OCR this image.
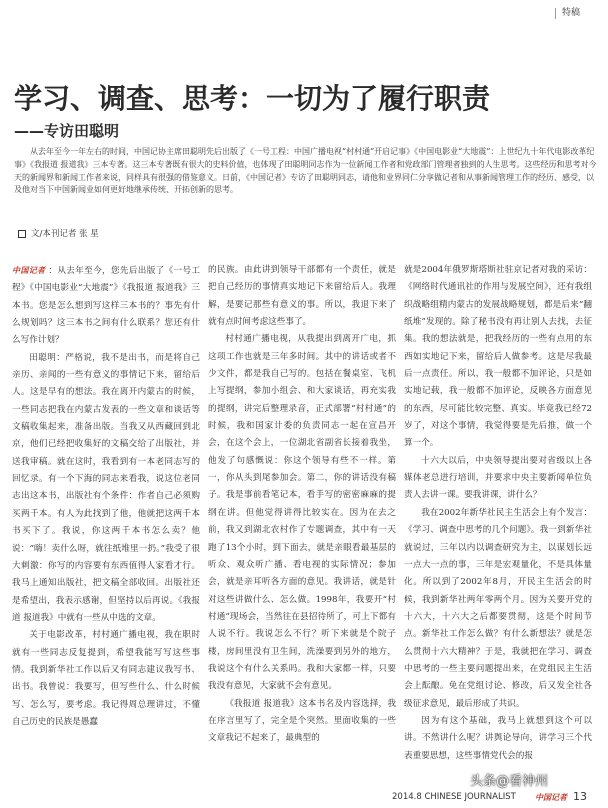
特稿
学习、调查、思考：一切为了履行职责
——专访田聪明

从去年至今一年左右的时间，中国记协主席田聪明先后出版了《一号工程：中国广播电视“村村通”开启记事》《中国电影业“大地震”：上世纪九十年代电影改革纪事》《我报道 报道我》三本专著。这三本专著既有很大的史料价值，也体现了田聪明同志作为一位新闻工作者和党政部门管理者独到的人生思考。这些经历和思考对今天的新闻界和新闻工作者来说，同样具有很强的借鉴意义。日前，《中国记者》专访了田聪明同志，请他和业界同仁分享做记者和从事新闻管理工作的经历、感受，以及他对当下中国新闻业如何更好地继承传统、开拓创新的思考。

文/本刊记者 张 星

中国记者 ：从去年至今，您先后出版了《一号工程》《中国电影业“大地震”》《我报道 报道我》三本书。您是怎么想到写这样三本书的？事先有什么规划吗？这三本书之间有什么联系？您还有什么写作计划？

田聪明：严格说，我不是出书，而是将自己亲历、亲闻的一些有意义的事情记下来，留给后人。这是早有的想法。我在离开内蒙古的时候，一些同志把我在内蒙古发表的一些文章和谈话等文稿收集起来，准备出版。当我又从西藏回到北京，他们已经把收集好的文稿交给了出版社，并送我审稿。就在这时，我看到有一本老同志写的回忆录。有一个下海的同志来看我，说这位老同志出这本书，出版社有个条件：作者自己必须购买两千本。有人为此找到了他，他就把这两千本书买下了。我说，你这两千本书怎么卖？他说：“嗨！卖什么呀，就往纸堆里一扔。”我受了很大刺激：你写的内容要有东西值得人家看才行。我马上通知出版社，把文稿全部收回。出版社还是希望出，我表示感谢，但坚持以后再说。《我报道 报道我》中就有一些从中选的文章。

关于电影改革，村村通广播电视，我在职时就有一些同志反复提到，希望我能写写这些事情。我到新华社工作以后又有同志建议我写书、出书。我曾说：我要写，但写些什么、什么时候写、怎么写，要考虑。我记得周总理讲过，不懂自己历史的民族是愚蠢

的民族。由此讲到领导干部都有一个责任，就是把自己经历的事情真实地记下来留给后人。我理解，是要记那些有意义的事。所以，我退下来了就有点时间考虑这些事了。

村村通广播电视，从我提出到离开广电，抓这项工作也就是三年多时间。其中的讲话或者不少文件，都是我自己写的。包括在餐桌室、飞机上写提纲，参加小组会、和大家谈话，再充实我的提纲，讲完后整理录音，正式部署“村村通”的时候，我和国家计委的负责同志一起在宣昌开会，在这个会上，一位湖北省副省长接着我坐，他发了句感慨说：你这个领导有些不一样。第一，你从头到尾参加会。第二，你的讲话没有稿子。我是事前看笔记本，看手写的密密麻麻的提纲在讲。但他觉得讲得比较实在。因为在去之前，我又到湖北农村作了专题调查，其中有一天跑了13个小时，到下面去，就是亲眼看最基层的听众、观众听广播、看电视的实际情况；参加会，就是亲耳听各方面的意见。我讲话，就是针对这些讲做什么、怎么做。1998年，我要开“村村通”现场会，当然往在县招待所了，可上下都有人说不行。我说怎么不行？听下来就是个院子楼，房间里没有卫生间，洗澡要到另外的地方，我说这个有什么关系吗。我和大家都一样，只要我没有意见，大家就不会有意见。

《我报道 报道我》这本书名及内容选择，我在序言里写了，完全是个突然。里面收集的一些文章我记不起来了，最典型的

就是2004年俄罗斯塔斯社驻京记者对我的采访：《网络时代通讯社的作用与发展空间》，还有我组织战略组精内蒙古的发展战略规划，都是后来“翻纸堆”发现的。除了秘书没有再让别人去找，去征集。我的想法就是，把我经历的一些有点用的东西如实地记下来，留给后人做参考。这是尽我最后一点责任。所以，我一般都不加评论，只是如实地记载，我一般都不加评论，反映各方面意见的东西，尽可能比较完整、真实。毕竟我已经72岁了，对这个事情，我觉得要是先后推，做一个算一个。

十六大以后，中央领导提出要对省级以上各媒体老总进行培训，并要求中央主要新闻单位负责人去讲一课。要我讲课，讲什么？

我在2002年新华社民主生活会上有个发言：《学习、调查中思考的几个问题》。我一到新华社就说过，三年以内以调查研究为主，以谋划长远一点大一点的事，三年是宏观量化，不是具体量化。所以到了2002年8月，开民主生活会的时候，我到新华社两年零两个月。因为关要开党的十六大，十六大之后都要贯彻，这是个时间节点。新华社工作怎么做？有什么新想法？就是怎么贯彻十六大精神？于是，我就把在学习、调查中思考的一些主要问题提出来，在党组民主生活会上酝酿。免在党组讨论、修改，后又发全社各级征求意见，最后形成了共识。

因为有这个基础，我马上就想到这个可以讲。不然讲什么呢？讲舆论导向，讲学习三个代表重要思想，这些事情党代会的报

2014.8 CHINESE JOURNALIST 中国记者 13
头条@看神州
